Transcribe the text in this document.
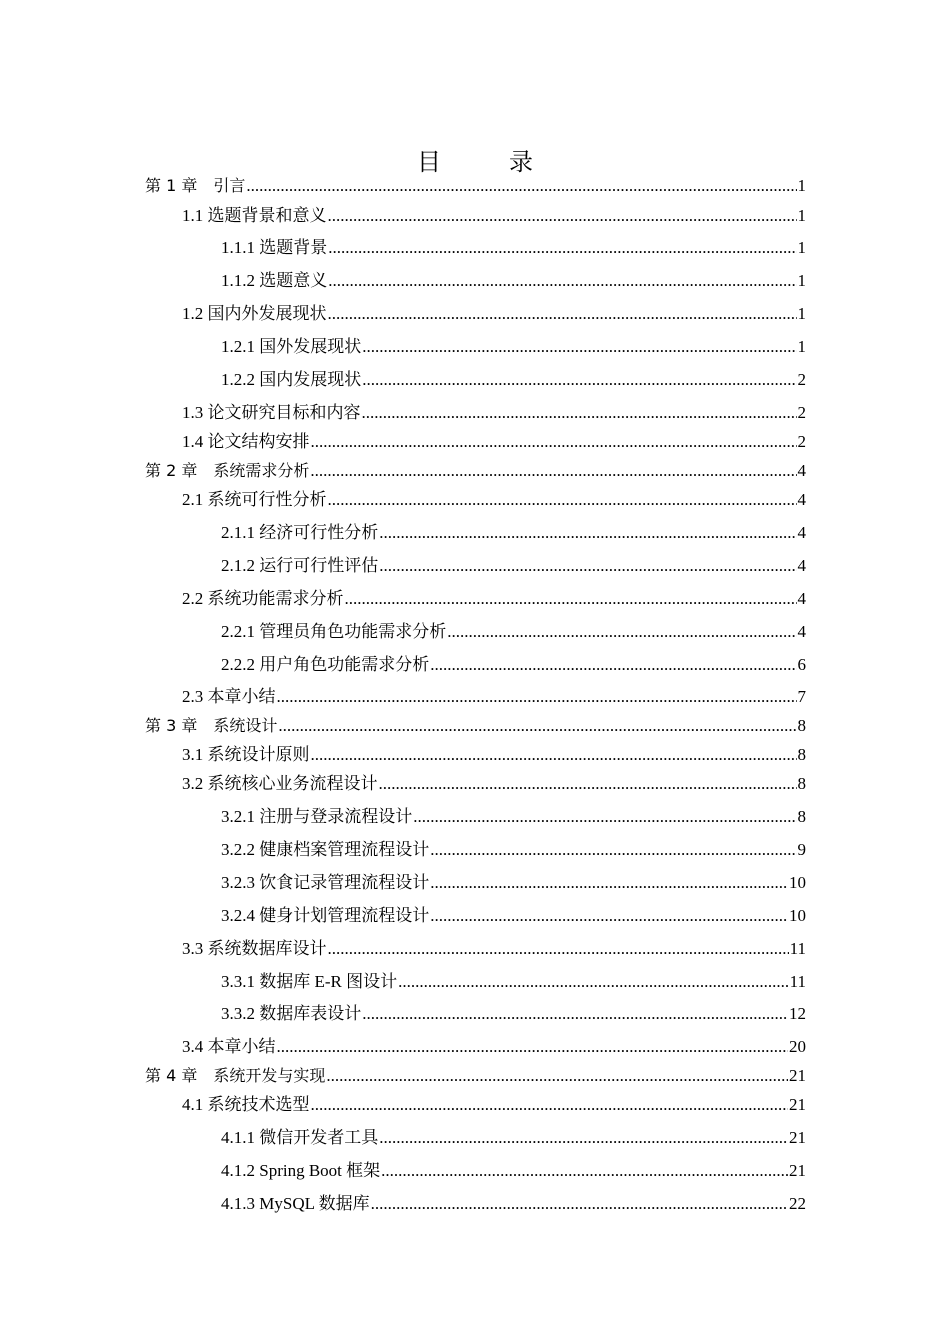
目　录
第 1 章　引言 .....	1
1.1 选题背景和意义 .....	1
1.1.1 选题背景 .....	1
1.1.2 选题意义 .....	1
1.2 国内外发展现状 .....	1
1.2.1 国外发展现状 .....	1
1.2.2 国内发展现状 .....	2
1.3 论文研究目标和内容 .....	2
1.4 论文结构安排 .....	2
第 2 章　系统需求分析 .....	4
2.1 系统可行性分析 .....	4
2.1.1 经济可行性分析 .....	4
2.1.2 运行可行性评估 .....	4
2.2 系统功能需求分析 .....	4
2.2.1 管理员角色功能需求分析 .....	4
2.2.2 用户角色功能需求分析 .....	6
2.3 本章小结 .....	7
第 3 章　系统设计 .....	8
3.1 系统设计原则 .....	8
3.2 系统核心业务流程设计 .....	8
3.2.1 注册与登录流程设计 .....	8
3.2.2 健康档案管理流程设计 .....	9
3.2.3 饮食记录管理流程设计 .....	10
3.2.4 健身计划管理流程设计 .....	10
3.3 系统数据库设计 .....	11
3.3.1 数据库 E-R 图设计 .....	11
3.3.2 数据库表设计 .....	12
3.4 本章小结 .....	20
第 4 章　系统开发与实现 .....	21
4.1 系统技术选型 .....	21
4.1.1 微信开发者工具 .....	21
4.1.2 Spring Boot 框架 .....	21
4.1.3 MySQL 数据库 .....	22
